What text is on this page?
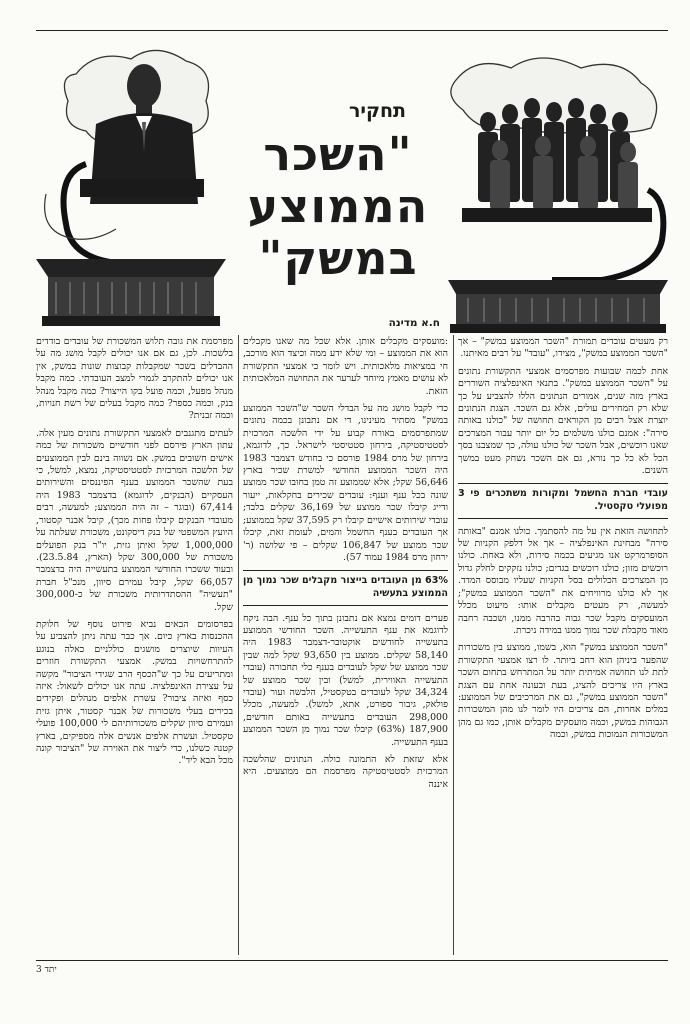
תחקיר
"השכר
הממוצע
במשק"
ח.א מדינה

רק מעטים עובדים תמורת "השכר הממוצע במשק" – אך "השכר הממוצע במשק", מצידו, "עובד" על רבים מאיתנו.

אחת לכמה שבועות מפרסמים אמצעי התקשורת נתונים על "השכר הממוצע במשק". בתנאי האינפלציה השוררים בארץ מזה שנים, אמורים הנתונים הללו להצביע על כך שלא רק המחירים עולים, אלא גם השכר. הצגת הנתונים יוצרת אצל רבים מן הקוראים תחושה של "כולנו באותה סירה": אמנם כולנו משלמים כל יום יותר עבור המצרכים שאנו רוכשים, אבל השכר של כולנו עולה, כך שמצבנו בסך הכל לא כל כך נורא, גם אם השכר נשחק מעט במשך השנים.

עובדי חברת החשמל ומקורות משתכרים פי 3 מפועלי טקסטיל.

לתחושה הזאת אין על מה להסתמך. כולנו אמנם "באותה סירה" מבחינת האינפלציה – אך אל דלפק הקניות של הסופרמרקט אנו מגיעים בכמה סירות, ולא באחת. כולנו רוכשים מזון; כולנו רוכשים בגדים; כולנו נזקקים לחלק גדול מן המצרכים הכלולים בסל הקניות שעליו מבוסס המדד. אך לא כולנו מרוויחים את "השכר הממוצע במשק"; למעשה, רק מעטים מקבלים אותו: מיעוט מכלל המועסקים מקבל שכר גבוה בהרבה ממנו, ושכבה רחבה מאוד מקבלת שכר נמוך ממנו במידה ניכרת.

"השכר הממוצע במשק" הוא, בשמו, ממוצע בין משכורות שהפער ביניהן הוא רחב ביותר. לו רצו אמצעי התקשורת לתת לנו תחושה אמיתית יותר על המתרחש בתחום השכר בארץ היו צריכים להציג, בעת ובעונה אחת עם הצגת "השכר הממוצע במשק", גם את המרכיבים של הממוצע: במלים אחרות, הם צריכים היו לומר לנו מהן המשכורות הגבוהות במשק, וכמה מועסקים מקבלים אותן, כמו גם מהן המשכורות הנמוכות במשק, וכמה

:מועסקים מקבלים אותן. אלא שכל מה שאנו מקבלים הוא את הממוצע – ומי שלא ידע ממה וכיצד הוא מורכב, חי במציאות מלאכותית. ויש לומר כי אמצעי התקשורת לא עושים מאמץ מיוחד לערער את התחושה המלאכותית הזאת.

כדי לקבל מושג מה על הבדלי השכר ש"השכר הממוצע במשק" מסתיר מעינינו, די אם נתבונן בכמה נתונים שמתפרסמים באורח קבוע על ידי הלשכה המרכזית לסטטיסטיקה, בירחון סטטיסטי לישראל. כך, לדוגמא, בירחון של מרס 1984 פורסם כי בחודש דצמבר 1983 היה השכר הממוצע החודשי למשרת שכיר בארץ 56,646 שקל; אלא שממוצע זה טמן בחובו שכר ממוצע שונה בכל ענף וענף: עובדים שכירים בחקלאות, ייעור ודייג קיבלו שכר ממוצע של 36,169 שקלים בלבד; עובדי שירותים אישיים קיבלו רק 37,595 שקל בממוצע; אך העובדים בענף החשמל והמים, לעומת זאת, קיבלו שכר ממוצע של 106,847 שקלים – פי שלושה (ר' ירחון מרס 1984 עמוד 57).

63% מן העובדים בייצור מקבלים שכר נמוך מן הממוצע בתעשיה

פערים דומים נמצא אם נתבונן בתוך כל ענף. הבה ניקח לדוגמא את ענף התעשייה. השכר החודשי הממוצע בתעשייה לחודשים אוקטובר-דצמבר 1983 היה 58,140 שקלים. ממוצע בין 93,650 שקל למה שבין שכר ממוצע של שקל לעובדים בענף כלי תחבורה (עובדי התעשייה האווירית, למשל) ובין שכר ממוצע של 34,324 שקל לעובדים בטקסטיל, הלבשה ועור (עובדי פולאק, גיבור ספורט, אתא, למשל). למעשה, מכלל 298,000 העובדים בתעשייה באותם חודשים, 187,900 (63%) קיבלו שכר נמוך מן השכר הממוצע בענף התעשייה.

אלא שזאת לא התמונה כולה. הנתונים שהלשכה המרכזית לסטטיסטיקה מפרסמת הם ממוצעים. היא איננה

מפרסמת את גובה תלוש המשכורת של עובדים בודדים בלשכות. לכן, גם אם אנו יכולים לקבל מושג מה על ההבדלים בשכר שמקבלות קבוצות שונות במשק, אין אנו יכולים להתקרב לגמרי למצב העובדתי. כמה מקבל מנהל מפעל, וכמה פועל בקו הייצור? כמה מקבל מנהל בנק, וכמה כספר? כמה מקבל בעלים של רשת חנויות, וכמה זבנית?

לעתים מתגנבים לאמצעי התקשורת נתונים מעין אלה. עתון הארץ פירסם לפני חודשיים משכורות של כמה אישים חשובים במשק. אם נשווה בינם לבין הממוצעים של הלשכה המרכזית לסטטיסטיקה, נמצא, למשל, כי בעת שהשכר הממוצע בענף הפיננסים והשירותים העסקיים (הבנקים, לדוגמא) בדצמבר 1983 היה 67,414 (ובוגר – זה היה הממוצע; למעשה, רבים מעובדי הבנקים קיבלו פחות מכך), קיבל אבנר קסטור, היועץ המשפטי של בנק דיסקונט, משכורת שעלתה על 1,000,000 שקל ואיתן גזית, יו"ר בנק הפועלים משכורת של 300,000 שקל (הארץ, 23.5.84). ובעוד ששכרו החודשי הממוצע בתעשייה היה בדצמבר 66,057 שקל, קיבל עמירם סיוון, מנכ"ל חברת "תעשיה" ההסתדרותית משכורת של כ-300,000 שקל.

בפרסומים הבאים נביא פירוט נוסף של חלוקת ההכנסות בארץ כיום. אך כבר עתה ניתן להצביע על העיוות שיוצרים מושגים כוללניים כאלה בנוגע להתרחשויות במשק. אמצעי התקשורת חוזרים ומתריעים על כך ש"הכסף הרב שגידי הציבור" מקשה על עצירת האינפלציה. עתה אנו יכולים לשאול: איזה כסף ואיזה ציבור? עשרת אלפים מנהלים ופקידים בכירים בעלי משכורות של אבנר קסטור, איתן גזית ועמירם סיוון שקלים משכורותיהם לי 100,000 פועלי טקסטיל. ועשרת אלפים אנשים אלה מספיקים, בארץ קטנה כשלנו, כדי ליצור את האוירה של "הציבור קונה מכל הבא ליד".

יתד 3
